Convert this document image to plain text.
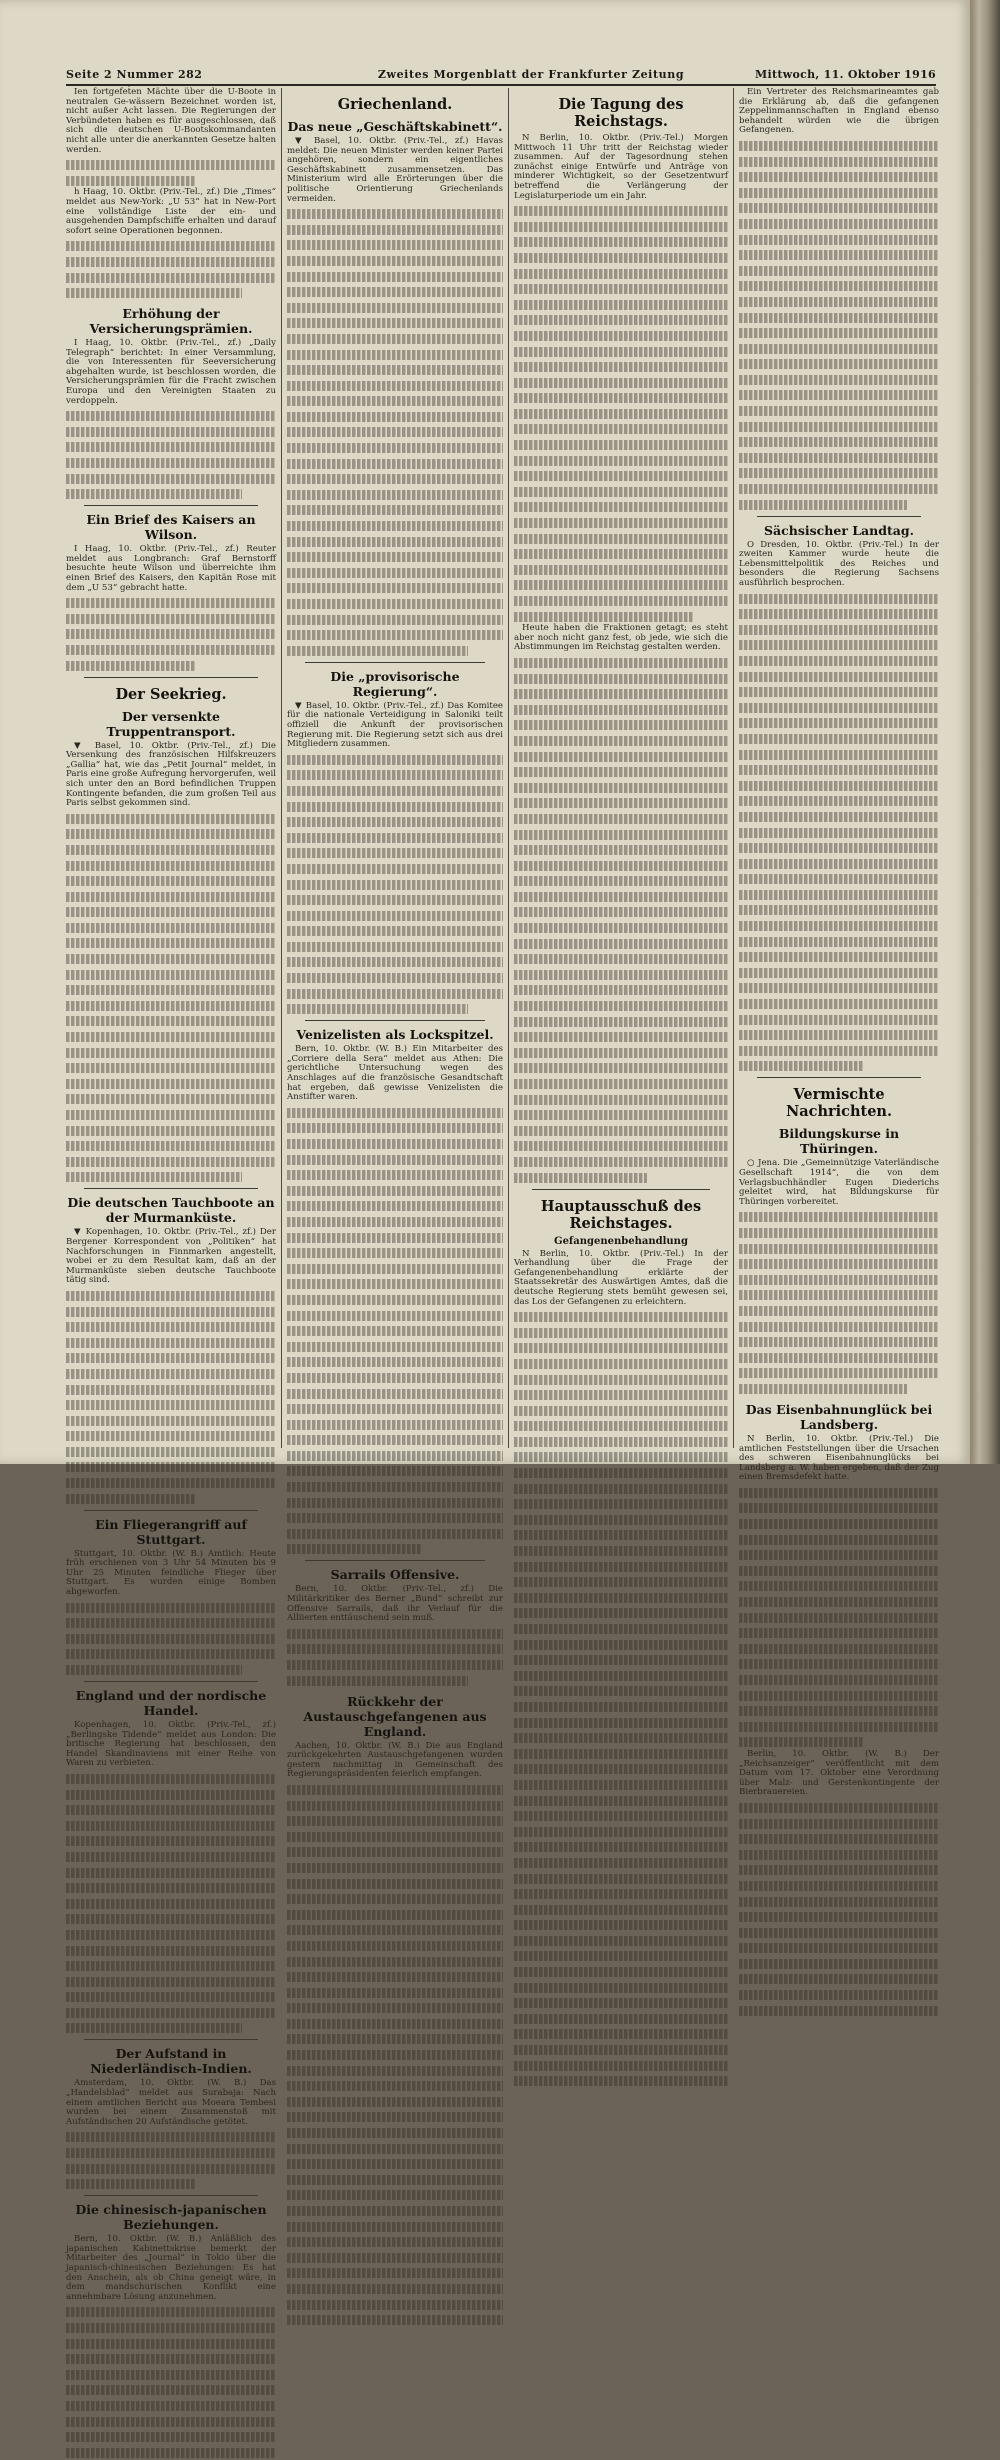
Seite 2 Nummer 282	Zweites Morgenblatt der Frankfurter Zeitung	Mittwoch, 11. Oktober 1916

Ien fortgefeṫen Mächte über die U-Boote in neutralen Ge-wässern Bezeichnet worden ist, nicht außer Acht lassen. Die Regierungen der Verbündeten haben es für ausgeschlossen, daß sich die deutschen U-Bootskommandanten nicht alle unter die anerkannten Gesetze halten werden.

h Haag, 10. Oktbr. (Priv.-Tel., zf.) Die „Times“ meldet aus New-York: „U 53“ hat in New-Port eine vollständige Liste der ein- und ausgehenden Dampfschiffe erhalten und darauf sofort seine Operationen begonnen.

Erhöhung der Versicherungsprämien.

I Haag, 10. Oktbr. (Priv.-Tel., zf.) „Daily Telegraph“ berichtet: In einer Versammlung, die von Interessenten für Seeversicherung abgehalten wurde, ist beschlossen worden, die Versicherungsprämien für die Fracht zwischen Europa und den Vereinigten Staaten zu verdoppeln.

Ein Brief des Kaisers an Wilson.

I Haag, 10. Oktbr. (Priv.-Tel., zf.) Reuter meldet aus Longbranch: Graf Bernstorff besuchte heute Wilson und überreichte ihm einen Brief des Kaisers, den Kapitän Rose mit dem „U 53“ gebracht hatte.

Der Seekrieg.
Der versenkte Truppentransport.

▼ Basel, 10. Oktbr. (Priv.-Tel., zf.) Die Versenkung des französischen Hilfskreuzers „Gallia“ hat, wie das „Petit Journal“ meldet, in Paris eine große Aufregung hervorgerufen, weil sich unter den an Bord befindlichen Truppen Kontingente befanden, die zum großen Teil aus Paris selbst gekommen sind.

Die deutschen Tauchboote an der Murmanküste.

▼ Kopenhagen, 10. Oktbr. (Priv.-Tel., zf.) Der Bergener Korrespondent von „Politiken“ hat Nachforschungen in Finnmarken angestellt, wobei er zu dem Resultat kam, daß an der Murmanküste sieben deutsche Tauchboote tätig sind.

Ein Fliegerangriff auf Stuttgart.

Stuttgart, 10. Oktbr. (W. B.) Amtlich: Heute früh erschienen von 3 Uhr 54 Minuten bis 9 Uhr 25 Minuten feindliche Flieger über Stuttgart. Es wurden einige Bomben abgeworfen.

England und der nordische Handel.

Kopenhagen, 10. Oktbr. (Priv.-Tel., zf.) „Berlingske Tidende“ meldet aus London: Die britische Regierung hat beschlossen, den Handel Skandinaviens mit einer Reihe von Waren zu verbieten.

Der Aufstand in Niederländisch-Indien.

Amsterdam, 10. Oktbr. (W. B.) Das „Handelsblad“ meldet aus Surabaja: Nach einem amtlichen Bericht aus Moeara Tembesi wurden bei einem Zusammenstoß mit Aufständischen 20 Aufständische getötet.

Die chinesisch-japanischen Beziehungen.

Bern, 10. Oktbr. (W. B.) Anläßlich des japanischen Kabinettskrise bemerkt der Mitarbeiter des „Journal“ in Tokio über die japanisch-chinesischen Beziehungen: Es hat den Anschein, als ob China geneigt wäre, in dem mandschurischen Konflikt eine annehmbare Lösung anzunehmen.

Griechenland.
Das neue „Geschäftskabinett“.

▼ Basel, 10. Oktbr. (Priv.-Tel., zf.) Havas meldet: Die neuen Minister werden keiner Partei angehören, sondern ein eigentliches Geschäftskabinett zusammensetzen. Das Ministerium wird alle Erörterungen über die politische Orientierung Griechenlands vermeiden.

Die „provisorische Regierung“.

▼ Basel, 10. Oktbr. (Priv.-Tel., zf.) Das Komitee für die nationale Verteidigung in Saloniki teilt offiziell die Ankunft der provisorischen Regierung mit. Die Regierung setzt sich aus drei Mitgliedern zusammen.

Venizelisten als Lockspitzel.

Bern, 10. Oktbr. (W. B.) Ein Mitarbeiter des „Corriere della Sera“ meldet aus Athen: Die gerichtliche Untersuchung wegen des Anschlages auf die französische Gesandtschaft hat ergeben, daß gewisse Venizelisten die Anstifter waren.

Sarrails Offensive.

Bern, 10. Oktbr. (Priv.-Tel., zf.) Die Militärkritiker des Berner „Bund“ schreibt zur Offensive Sarrails, daß ihr Verlauf für die Alliierten enttäuschend sein muß.

Rückkehr der Austauschgefangenen aus England.

Aachen, 10. Oktbr. (W. B.) Die aus England zurückgekehrten Austauschgefangenen wurden gestern nachmittag in Gemeinschaft des Regierungspräsidenten feierlich empfangen.

Die Tagung des Reichstags.

N Berlin, 10. Oktbr. (Priv.-Tel.) Morgen Mittwoch 11 Uhr tritt der Reichstag wieder zusammen. Auf der Tagesordnung stehen zunächst einige Entwürfe und Anträge von minderer Wichtigkeit, so der Gesetzentwurf betreffend die Verlängerung der Legislaturperiode um ein Jahr.

Heute haben die Fraktionen getagt; es steht aber noch nicht ganz fest, ob jede, wie sich die Abstimmungen im Reichstag gestalten werden.

Hauptausschuß des Reichstages.
Gefangenenbehandlung

N Berlin, 10. Oktbr. (Priv.-Tel.) In der Verhandlung über die Frage der Gefangenenbehandlung erklärte der Staatssekretär des Auswärtigen Amtes, daß die deutsche Regierung stets bemüht gewesen sei, das Los der Gefangenen zu erleichtern.

Ein Vertreter des Reichsmarineamtes gab die Erklärung ab, daß die gefangenen Zeppelinmannschaften in England ebenso behandelt würden wie die übrigen Gefangenen.

Sächsischer Landtag.

O Dresden, 10. Oktbr. (Priv.-Tel.) In der zweiten Kammer wurde heute die Lebensmittelpolitik des Reiches und besonders die Regierung Sachsens ausführlich besprochen.

Vermischte Nachrichten.
Bildungskurse in Thüringen.

○ Jena. Die „Gemeinnützige Vaterländische Gesellschaft 1914“, die von dem Verlagsbuchhändler Eugen Diederichs geleitet wird, hat Bildungskurse für Thüringen vorbereitet.

Das Eisenbahnunglück bei Landsberg.

N Berlin, 10. Oktbr. (Priv.-Tel.) Die amtlichen Feststellungen über die Ursachen des schweren Eisenbahnunglücks bei Landsberg a. W. haben ergeben, daß der Zug einen Bremsdefekt hatte.

Berlin, 10. Oktbr. (W. B.) Der „Reichsanzeiger“ veröffentlicht mit dem Datum vom 17. Oktober eine Verordnung über Malz- und Gerstenkontingente der Bierbrauereien.
